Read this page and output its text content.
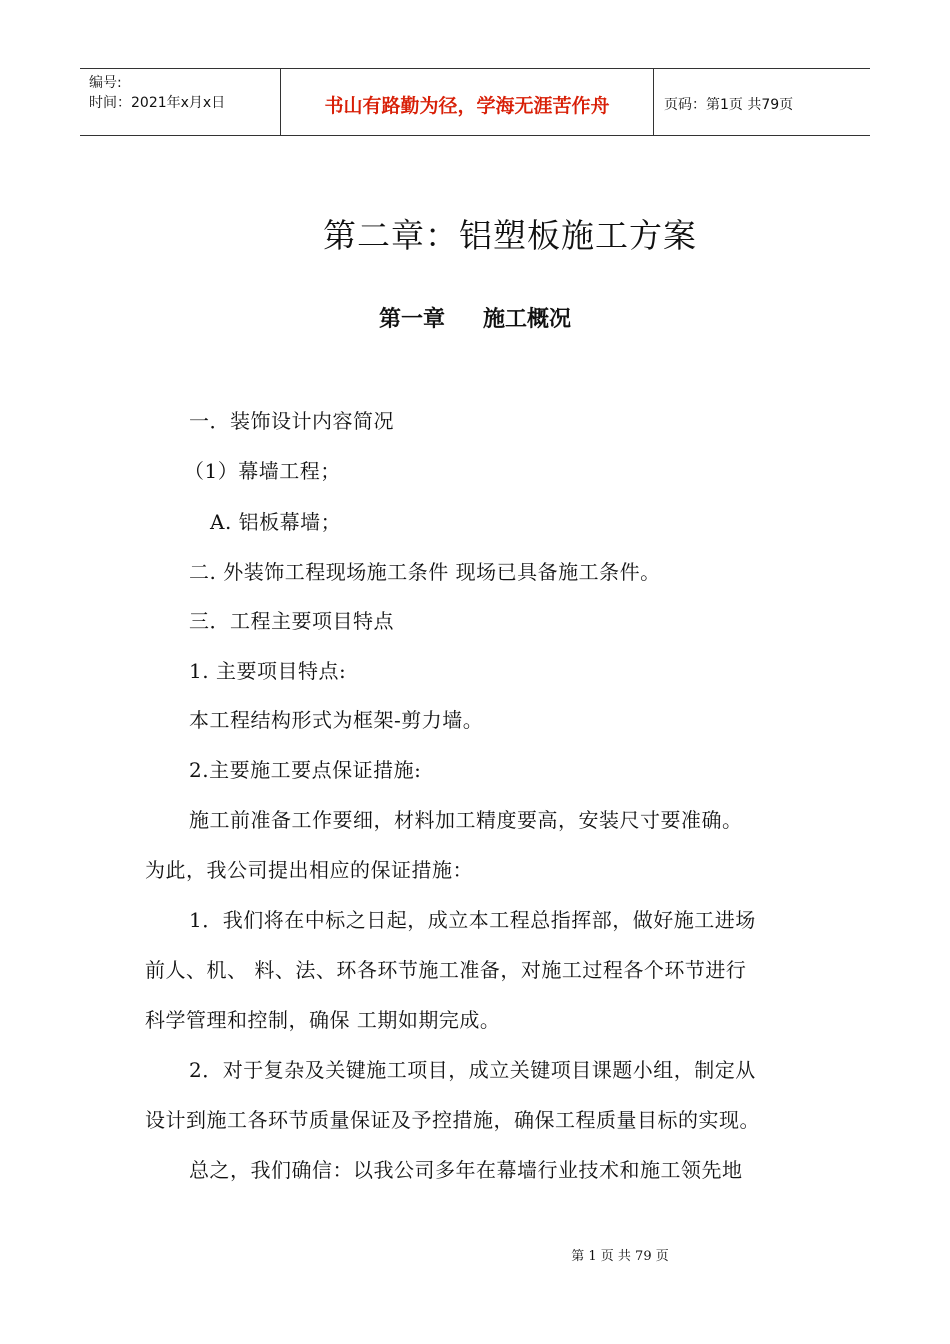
编号:
时间：2021年x月x日	书山有路勤为径，学海无涯苦作舟	页码：第1页 共79页
第二章：铝塑板施工方案
第一章 施工概况
一．装饰设计内容简况
（1）幕墙工程；
A. 铝板幕墙；
二. 外装饰工程现场施工条件 现场已具备施工条件。
三．工程主要项目特点
1. 主要项目特点:
本工程结构形式为框架-剪力墙。
2.主要施工要点保证措施:
施工前准备工作要细，材料加工精度要高，安装尺寸要准确。
为此，我公司提出相应的保证措施：
1．我们将在中标之日起，成立本工程总指挥部，做好施工进场
前人、机、 料、法、环各环节施工准备，对施工过程各个环节进行
科学管理和控制，确保 工期如期完成。
2．对于复杂及关键施工项目，成立关键项目课题小组，制定从
设计到施工各环节质量保证及予控措施，确保工程质量目标的实现。
总之，我们确信：以我公司多年在幕墙行业技术和施工领先地
第 1 页 共 79 页
